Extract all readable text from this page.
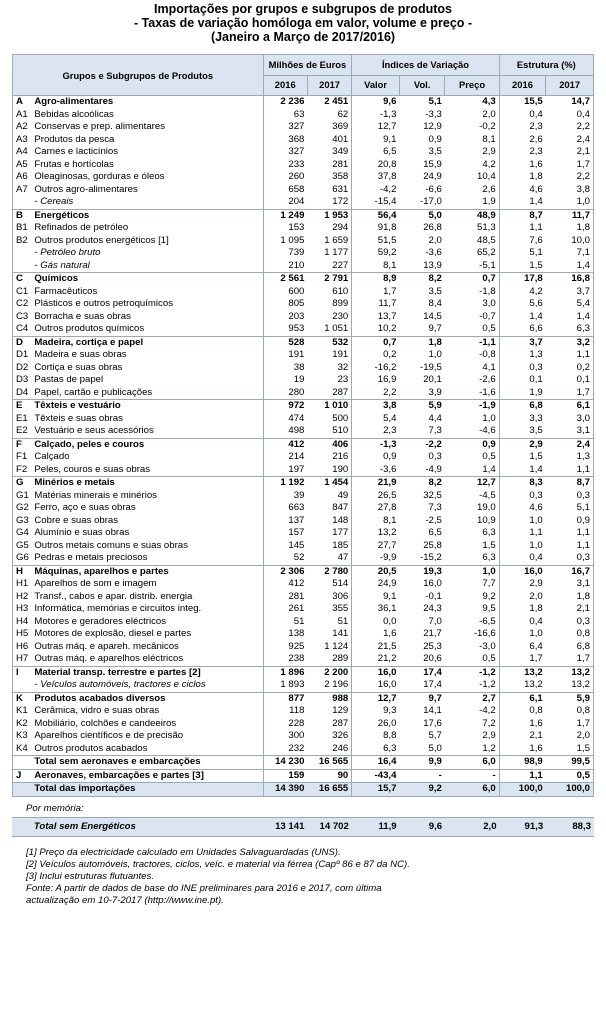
Importações por grupos e subgrupos de produtos
- Taxas de variação homóloga em valor, volume e preço -
(Janeiro a Março de 2017/2016)
Grupos e Subgrupos de Produtos		Milhões de Euros		Índices de Variação			Estrutura (%)	
		2016	2017	Valor	Vol.	Preço	2016	2017
A	Agro-alimentares	2 236	2 451	9,6	5,1	4,3	15,5	14,7
A1	Bebidas alcoólicas	63	62	-1,3	-3,3	2,0	0,4	0,4
A2	Conservas e prep. alimentares	327	369	12,7	12,9	-0,2	2,3	2,2
A3	Produtos da pesca	368	401	9,1	0,9	8,1	2,6	2,4
A4	Carnes e lacticínios	327	349	6,5	3,5	2,9	2,3	2,1
A5	Frutas e hortícolas	233	281	20,8	15,9	4,2	1,6	1,7
A6	Oleaginosas, gorduras e óleos	260	358	37,8	24,9	10,4	1,8	2,2
A7	Outros agro-alimentares	658	631	-4,2	-6,6	2,6	4,6	3,8
	- Cereais	204	172	-15,4	-17,0	1,9	1,4	1,0
B	Energéticos	1 249	1 953	56,4	5,0	48,9	8,7	11,7
B1	Refinados de petróleo	153	294	91,8	26,8	51,3	1,1	1,8
B2	Outros produtos energéticos [1]	1 095	1 659	51,5	2,0	48,5	7,6	10,0
	- Petróleo bruto	739	1 177	59,2	-3,6	65,2	5,1	7,1
	- Gás natural	210	227	8,1	13,9	-5,1	1,5	1,4
C	Químicos	2 561	2 791	8,9	8,2	0,7	17,8	16,8
C1	Farmacêuticos	600	610	1,7	3,5	-1,8	4,2	3,7
C2	Plásticos e outros petroquímicos	805	899	11,7	8,4	3,0	5,6	5,4
C3	Borracha e suas obras	203	230	13,7	14,5	-0,7	1,4	1,4
C4	Outros produtos químicos	953	1 051	10,2	9,7	0,5	6,6	6,3
D	Madeira, cortiça e papel	528	532	0,7	1,8	-1,1	3,7	3,2
D1	Madeira e suas obras	191	191	0,2	1,0	-0,8	1,3	1,1
D2	Cortiça e suas obras	38	32	-16,2	-19,5	4,1	0,3	0,2
D3	Pastas de papel	19	23	16,9	20,1	-2,6	0,1	0,1
D4	Papel, cartão e publicações	280	287	2,2	3,9	-1,6	1,9	1,7
E	Têxteis e vestuário	972	1 010	3,8	5,9	-1,9	6,8	6,1
E1	Têxteis e suas obras	474	500	5,4	4,4	1,0	3,3	3,0
E2	Vestuário e seus acessórios	498	510	2,3	7,3	-4,6	3,5	3,1
F	Calçado, peles e couros	412	406	-1,3	-2,2	0,9	2,9	2,4
F1	Calçado	214	216	0,9	0,3	0,5	1,5	1,3
F2	Peles, couros e suas obras	197	190	-3,6	-4,9	1,4	1,4	1,1
G	Minérios e metais	1 192	1 454	21,9	8,2	12,7	8,3	8,7
G1	Matérias minerais e minérios	39	49	26,5	32,5	-4,5	0,3	0,3
G2	Ferro, aço e suas obras	663	847	27,8	7,3	19,0	4,6	5,1
G3	Cobre e suas obras	137	148	8,1	-2,5	10,9	1,0	0,9
G4	Alumínio e suas obras	157	177	13,2	6,5	6,3	1,1	1,1
G5	Outros metais comuns e suas obras	145	185	27,7	25,8	1,5	1,0	1,1
G6	Pedras e metais preciosos	52	47	-9,9	-15,2	6,3	0,4	0,3
H	Máquinas, aparelhos e partes	2 306	2 780	20,5	19,3	1,0	16,0	16,7
H1	Aparelhos de som e imagem	412	514	24,9	16,0	7,7	2,9	3,1
H2	Transf., cabos e apar. distrib. energia	281	306	9,1	-0,1	9,2	2,0	1,8
H3	Informática, memórias e circuitos integ.	261	355	36,1	24,3	9,5	1,8	2,1
H4	Motores e geradores eléctricos	51	51	0,0	7,0	-6,5	0,4	0,3
H5	Motores de explosão, diesel e partes	138	141	1,6	21,7	-16,6	1,0	0,8
H6	Outras máq. e apareh. mecânicos	925	1 124	21,5	25,3	-3,0	6,4	6,8
H7	Outras máq. e aparelhos eléctricos	238	289	21,2	20,6	0,5	1,7	1,7
I	Material transp. terrestre e partes [2]	1 896	2 200	16,0	17,4	-1,2	13,2	13,2
	- Veículos automóveis, tractores e ciclos	1 893	2 196	16,0	17,4	-1,2	13,2	13,2
K	Produtos acabados diversos	877	988	12,7	9,7	2,7	6,1	5,9
K1	Cerâmica, vidro e suas obras	118	129	9,3	14,1	-4,2	0,8	0,8
K2	Mobiliário, colchões e candeeiros	228	287	26,0	17,6	7,2	1,6	1,7
K3	Aparelhos científicos e de precisão	300	326	8,8	5,7	2,9	2,1	2,0
K4	Outros produtos acabados	232	246	6,3	5,0	1,2	1,6	1,5
	Total sem aeronaves e embarcações	14 230	16 565	16,4	9,9	6,0	98,9	99,5
J	Aeronaves, embarcações e partes [3]	159	90	-43,4	-	-	1,1	0,5
	Total das importações	14 390	16 655	15,7	9,2	6,0	100,0	100,0
Por memória:
	Total sem Energéticos	13 141	14 702	11,9	9,6	2,0	91,3	88,3
[1] Preço da electricidade calculado em Unidades Salvaguardadas (UNS).
[2] Veículos automóveis, tractores, ciclos, veíc. e material via férrea (Capº 86 e 87 da NC).
[3] Inclui estruturas flutuantes.
Fonte: A partir de dados de base do INE preliminares para 2016 e 2017, com última
actualização em 10-7-2017 (http://www.ine.pt).
